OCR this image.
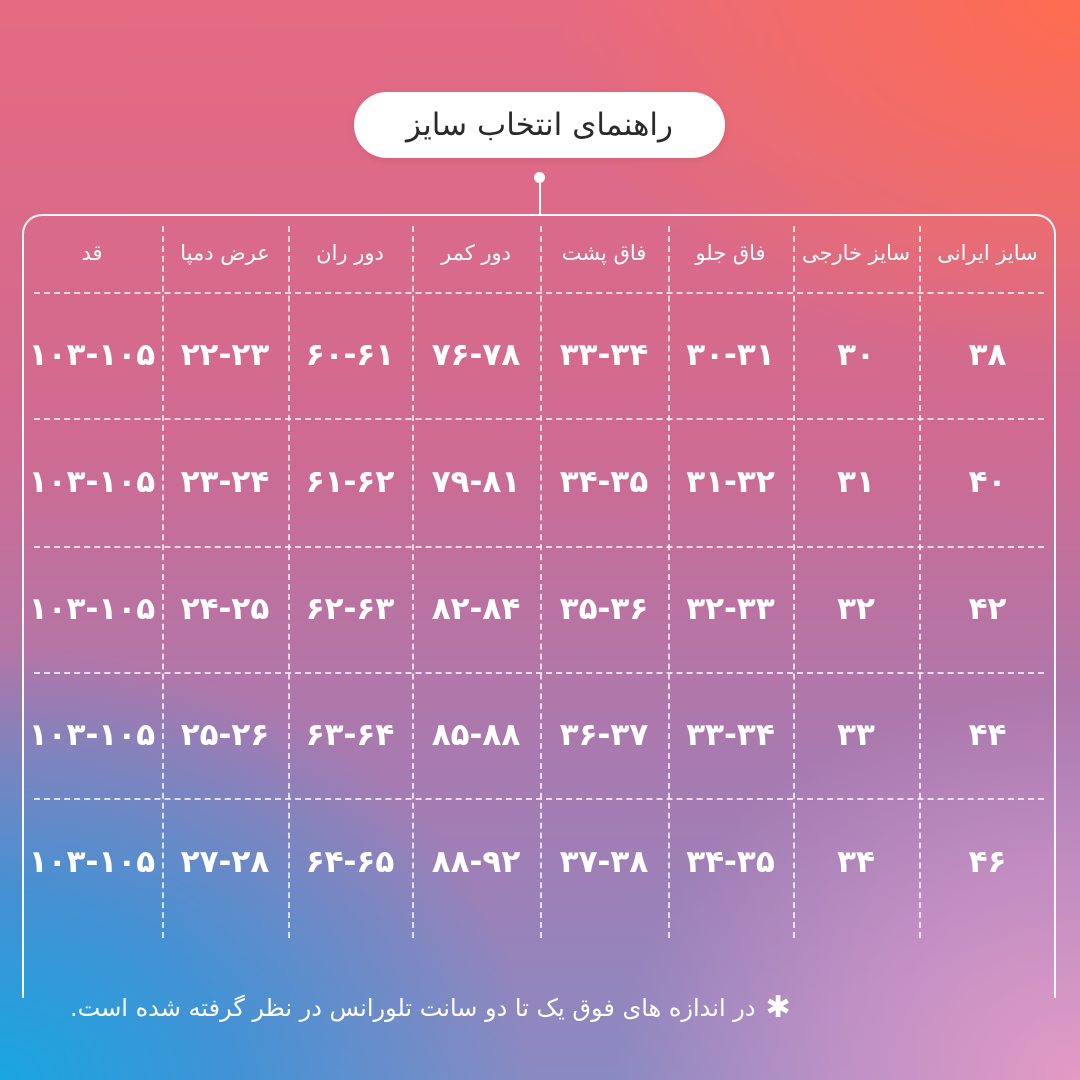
راهنمای انتخاب سایز
سایز ایرانی
سایز خارجی
فاق جلو
فاق پشت
دور کمر
دور ران
عرض دمپا
قد
۳۸
۳۰
۳۰-۳۱
۳۳-۳۴
۷۶-۷۸
۶۰-۶۱
۲۲-۲۳
۱۰۳-۱۰۵
۴۰
۳۱
۳۱-۳۲
۳۴-۳۵
۷۹-۸۱
۶۱-۶۲
۲۳-۲۴
۱۰۳-۱۰۵
۴۲
۳۲
۳۲-۳۳
۳۵-۳۶
۸۲-۸۴
۶۲-۶۳
۲۴-۲۵
۱۰۳-۱۰۵
۴۴
۳۳
۳۳-۳۴
۳۶-۳۷
۸۵-۸۸
۶۳-۶۴
۲۵-۲۶
۱۰۳-۱۰۵
۴۶
۳۴
۳۴-۳۵
۳۷-۳۸
۸۸-۹۲
۶۴-۶۵
۲۷-۲۸
۱۰۳-۱۰۵
✱
در اندازه های فوق یک تا دو سانت تلورانس در نظر گرفته شده است.
